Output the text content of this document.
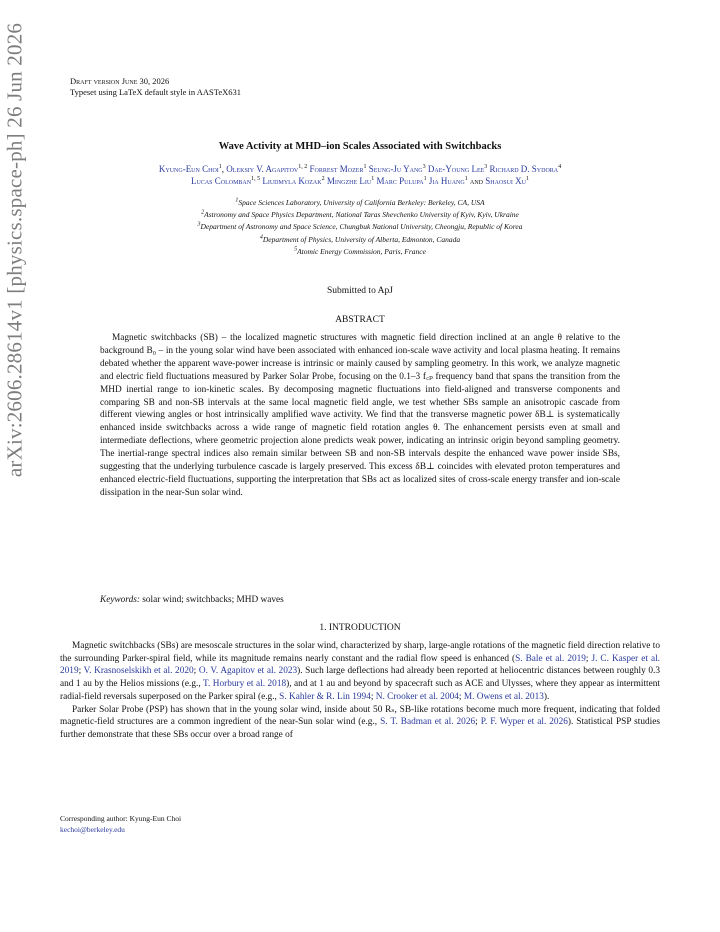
arXiv:2606.28614v1 [physics.space-ph] 26 Jun 2026	Draft version June 30, 2026
Typeset using LaTeX default style in AASTeX631
Wave Activity at MHD–ion Scales Associated with Switchbacks
Kyung-Eun Choi$^1$, Oleksiy V. Agapitov$^{1, 2}$ Forrest Mozer$^1$ Seung-Ju Yang$^3$ Dae-Young Lee$^3$ Richard D. Sydora$^4$
Lucas Colomban$^{1, 5}$ Liudmyla Kozak$^2$ Mingzhe Liu$^1$ Marc Pulupa$^1$ Jia Huang$^1$ and Shaosui Xu$^1$
$^1$Space Sciences Laboratory, University of California Berkeley: Berkeley, CA, USA
$^2$Astronomy and Space Physics Department, National Taras Shevchenko University of Kyiv, Kyiv, Ukraine
$^3$Department of Astronomy and Space Science, Chungbuk National University, Cheongju, Republic of Korea
$^4$Department of Physics, University of Alberta, Edmonton, Canada
$^5$Atomic Energy Commission, Paris, France
Submitted to ApJ
ABSTRACT
Magnetic switchbacks (SB) – the localized magnetic structures with magnetic field direction inclined at an angle θ relative to the background B₀ – in the young solar wind have been associated with enhanced ion-scale wave activity and local plasma heating. It remains debated whether the apparent wave-power increase is intrinsic or mainly caused by sampling geometry. In this work, we analyze magnetic and electric field fluctuations measured by Parker Solar Probe, focusing on the 0.1–3 f꜀ₚ frequency band that spans the transition from the MHD inertial range to ion-kinetic scales. By decomposing magnetic fluctuations into field-aligned and transverse components and comparing SB and non-SB intervals at the same local magnetic field angle, we test whether SBs sample an anisotropic cascade from different viewing angles or host intrinsically amplified wave activity. We find that the transverse magnetic power δB⊥ is systematically enhanced inside switchbacks across a wide range of magnetic field rotation angles θ. The enhancement persists even at small and intermediate deflections, where geometric projection alone predicts weak power, indicating an intrinsic origin beyond sampling geometry. The inertial-range spectral indices also remain similar between SB and non-SB intervals despite the enhanced wave power inside SBs, suggesting that the underlying turbulence cascade is largely preserved. This excess δB⊥ coincides with elevated proton temperatures and enhanced electric-field fluctuations, supporting the interpretation that SBs act as localized sites of cross-scale energy transfer and ion-scale dissipation in the near-Sun solar wind.
Keywords: solar wind; switchbacks; MHD waves
1. INTRODUCTION

Magnetic switchbacks (SBs) are mesoscale structures in the solar wind, characterized by sharp, large-angle rotations of the magnetic field direction relative to the surrounding Parker-spiral field, while its magnitude remains nearly constant and the radial flow speed is enhanced (S. Bale et al. 2019; J. C. Kasper et al. 2019; V. Krasnoselskikh et al. 2020; O. V. Agapitov et al. 2023). Such large deflections had already been reported at heliocentric distances between roughly 0.3 and 1 au by the Helios missions (e.g., T. Horbury et al. 2018), and at 1 au and beyond by spacecraft such as ACE and Ulysses, where they appear as intermittent radial-field reversals superposed on the Parker spiral (e.g., S. Kahler & R. Lin 1994; N. Crooker et al. 2004; M. Owens et al. 2013).

Parker Solar Probe (PSP) has shown that in the young solar wind, inside about 50 Rₛ, SB-like rotations become much more frequent, indicating that folded magnetic-field structures are a common ingredient of the near-Sun solar wind (e.g., S. T. Badman et al. 2026; P. F. Wyper et al. 2026). Statistical PSP studies further demonstrate that these SBs occur over a broad range of

Corresponding author: Kyung-Eun Choi
kechoi@berkeley.edu
